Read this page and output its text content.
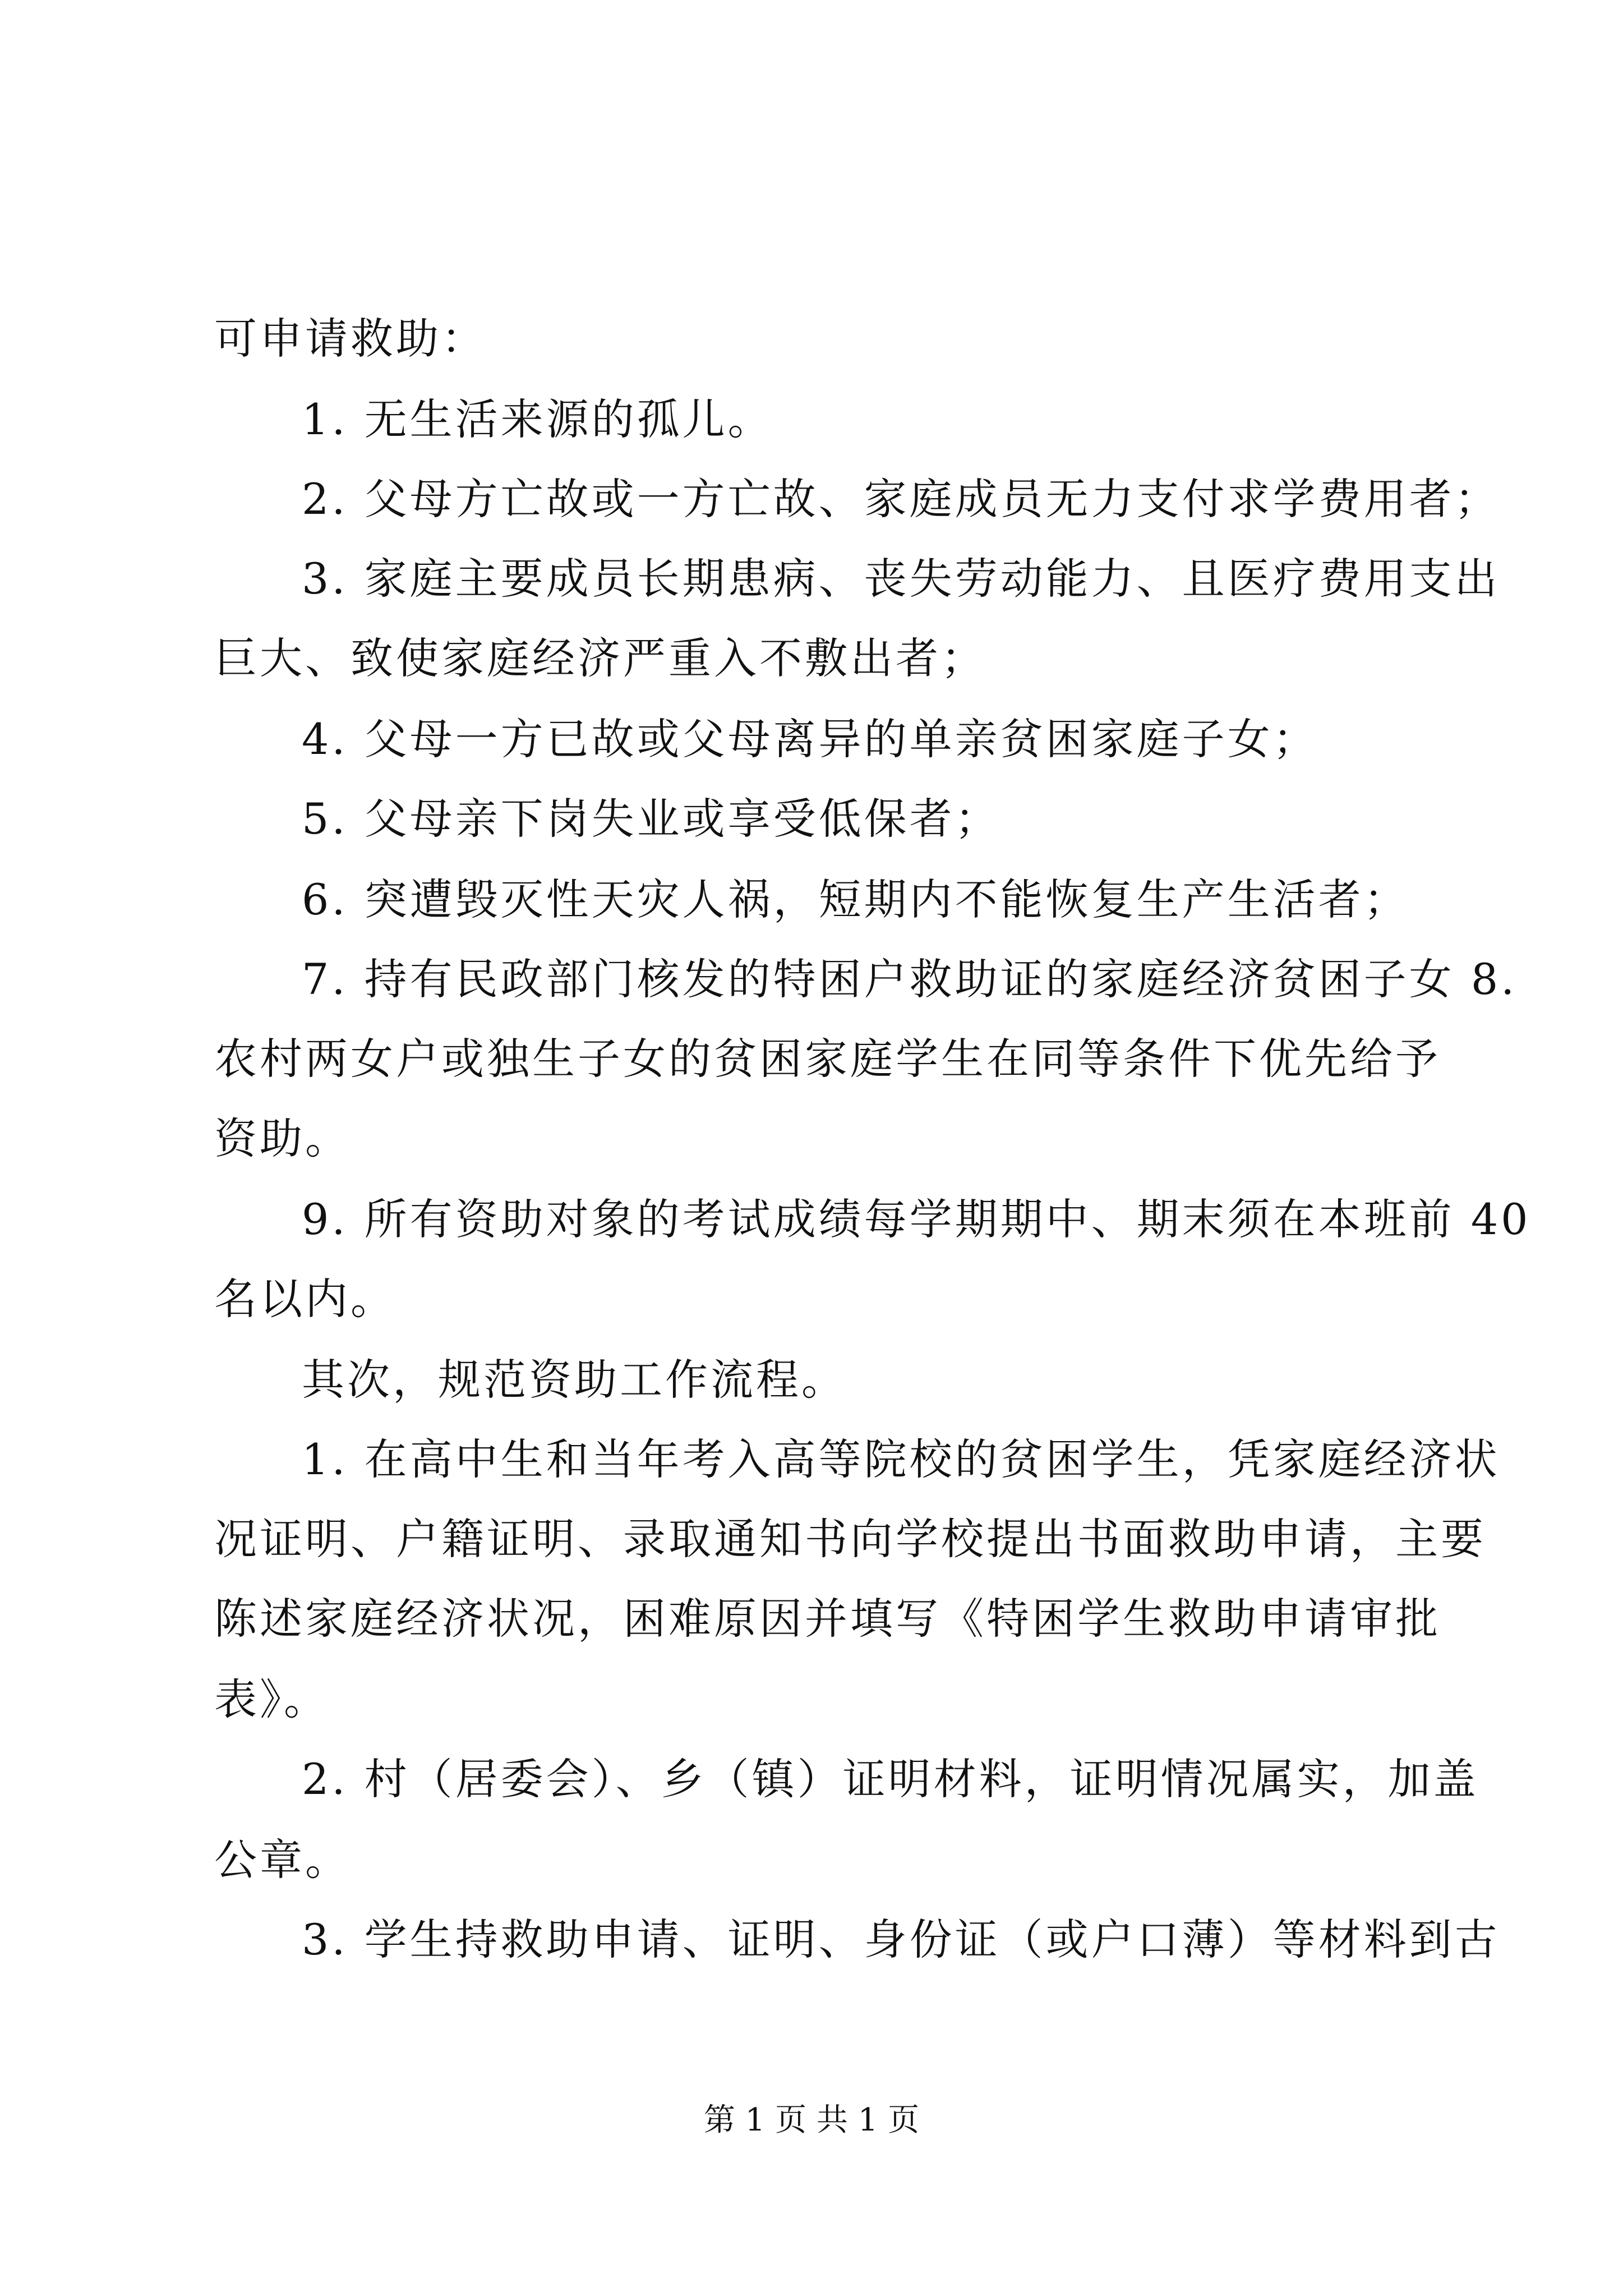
可申请救助：
1. 无生活来源的孤儿。
2. 父母方亡故或一方亡故、家庭成员无力支付求学费用者；
3. 家庭主要成员长期患病、丧失劳动能力、且医疗费用支出
巨大、致使家庭经济严重入不敷出者；
4. 父母一方已故或父母离异的单亲贫困家庭子女；
5. 父母亲下岗失业或享受低保者；
6. 突遭毁灭性天灾人祸，短期内不能恢复生产生活者；
7. 持有民政部门核发的特困户救助证的家庭经济贫困子女 8.
农村两女户或独生子女的贫困家庭学生在同等条件下优先给予
资助。
9. 所有资助对象的考试成绩每学期期中、期末须在本班前 40
名以内。
其次，规范资助工作流程。
1. 在高中生和当年考入高等院校的贫困学生，凭家庭经济状
况证明、户籍证明、录取通知书向学校提出书面救助申请，主要
陈述家庭经济状况，困难原因并填写《特困学生救助申请审批
表》。
2. 村（居委会）、乡（镇）证明材料，证明情况属实，加盖
公章。
3. 学生持救助申请、证明、身份证（或户口薄）等材料到古
第 1 页 共 1 页
